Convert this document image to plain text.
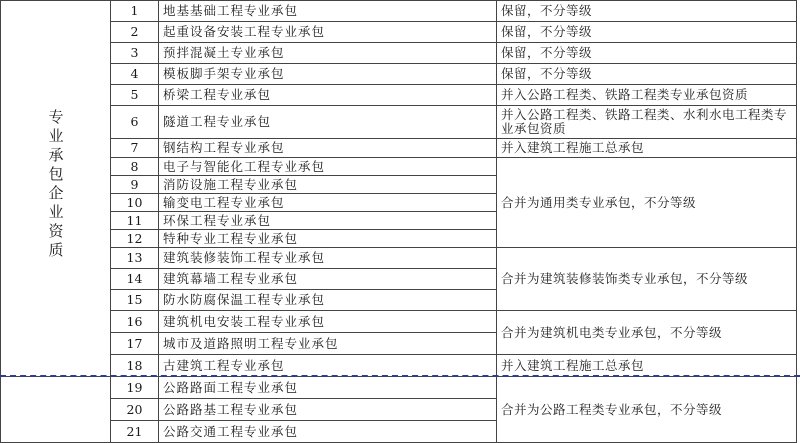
专业承包企业资质	1	地基基础工程专业承包	保留，不分等级
	2	起重设备安装工程专业承包	保留，不分等级
	3	预拌混凝土专业承包	保留，不分等级
	4	模板脚手架专业承包	保留，不分等级
	5	桥梁工程专业承包	并入公路工程类、铁路工程类专业承包资质
	6	隧道工程专业承包	并入公路工程类、铁路工程类、水利水电工程类专业承包资质
	7	钢结构工程专业承包	并入建筑工程施工总承包
	8	电子与智能化工程专业承包	合并为通用类专业承包，不分等级
	9	消防设施工程专业承包	
	10	输变电工程专业承包	
	11	环保工程专业承包	
	12	特种专业工程专业承包	
	13	建筑装修装饰工程专业承包	合并为建筑装修装饰类专业承包，不分等级
	14	建筑幕墙工程专业承包	
	15	防水防腐保温工程专业承包	
	16	建筑机电安装工程专业承包	合并为建筑机电类专业承包，不分等级
	17	城市及道路照明工程专业承包	
	18	古建筑工程专业承包	并入建筑工程施工总承包
	19	公路路面工程专业承包	合并为公路工程类专业承包，不分等级
	20	公路路基工程专业承包	
	21	公路交通工程专业承包	
